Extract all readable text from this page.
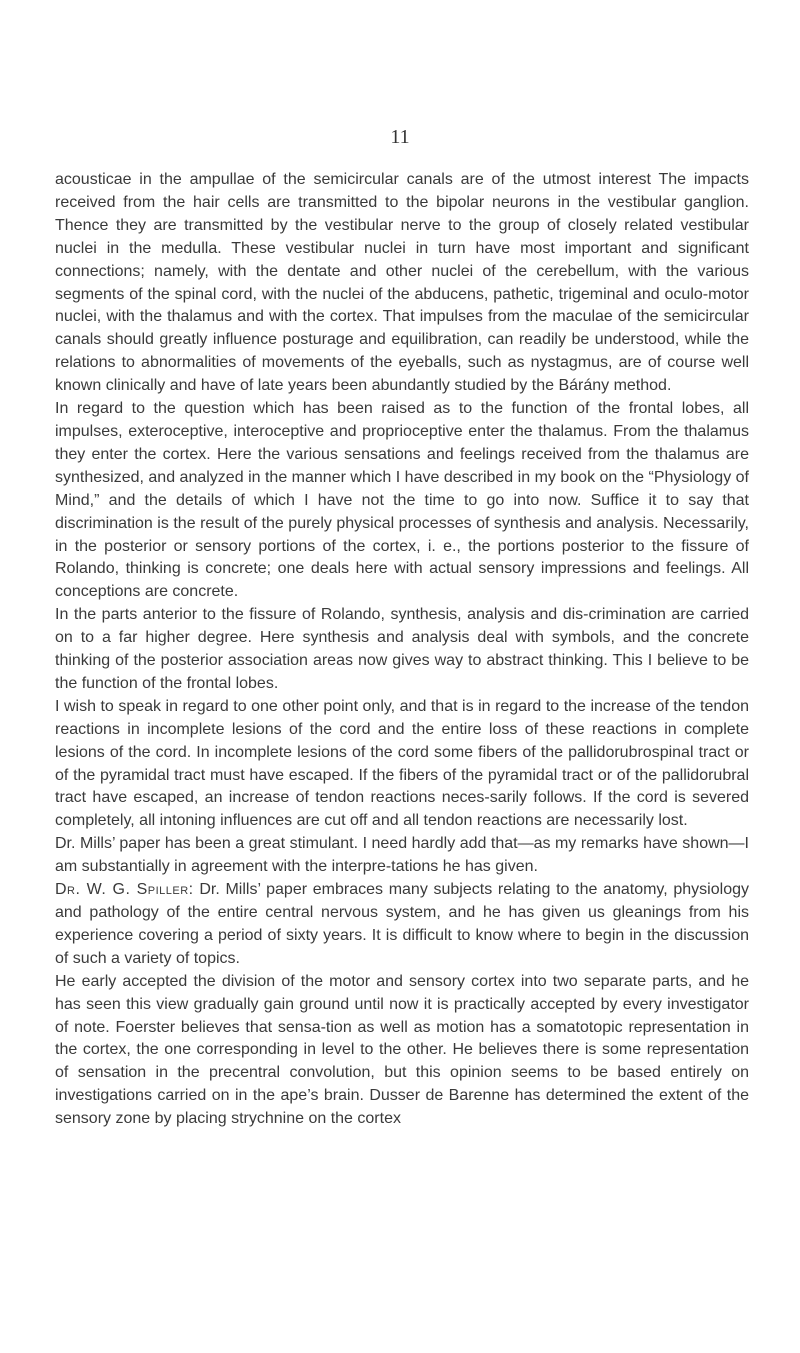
11

acousticae in the ampullae of the semicircular canals are of the utmost interest The impacts received from the hair cells are transmitted to the bipolar neurons in the vestibular ganglion. Thence they are transmitted by the vestibular nerve to the group of closely related vestibular nuclei in the medulla. These vestibular nuclei in turn have most important and significant connections; namely, with the dentate and other nuclei of the cerebellum, with the various segments of the spinal cord, with the nuclei of the abducens, pathetic, trigeminal and oculo-motor nuclei, with the thalamus and with the cortex. That impulses from the maculae of the semicircular canals should greatly influence posturage and equilibration, can readily be understood, while the relations to abnormalities of movements of the eyeballs, such as nystagmus, are of course well known clinically and have of late years been abundantly studied by the Bárány method.

In regard to the question which has been raised as to the function of the frontal lobes, all impulses, exteroceptive, interoceptive and proprioceptive enter the thalamus. From the thalamus they enter the cortex. Here the various sensations and feelings received from the thalamus are synthesized, and analyzed in the manner which I have described in my book on the “Physiology of Mind,” and the details of which I have not the time to go into now. Suffice it to say that discrimination is the result of the purely physical processes of synthesis and analysis. Necessarily, in the posterior or sensory portions of the cortex, i. e., the portions posterior to the fissure of Rolando, thinking is concrete; one deals here with actual sensory impressions and feelings. All conceptions are concrete.

In the parts anterior to the fissure of Rolando, synthesis, analysis and dis-crimination are carried on to a far higher degree. Here synthesis and analysis deal with symbols, and the concrete thinking of the posterior association areas now gives way to abstract thinking. This I believe to be the function of the frontal lobes.

I wish to speak in regard to one other point only, and that is in regard to the increase of the tendon reactions in incomplete lesions of the cord and the entire loss of these reactions in complete lesions of the cord. In incomplete lesions of the cord some fibers of the pallidorubrospinal tract or of the pyramidal tract must have escaped. If the fibers of the pyramidal tract or of the pallidorubral tract have escaped, an increase of tendon reactions neces-sarily follows. If the cord is severed completely, all intoning influences are cut off and all tendon reactions are necessarily lost.

Dr. Mills’ paper has been a great stimulant. I need hardly add that—as my remarks have shown—I am substantially in agreement with the interpre-tations he has given.

Dr. W. G. Spiller: Dr. Mills’ paper embraces many subjects relating to the anatomy, physiology and pathology of the entire central nervous system, and he has given us gleanings from his experience covering a period of sixty years. It is difficult to know where to begin in the discussion of such a variety of topics.

He early accepted the division of the motor and sensory cortex into two separate parts, and he has seen this view gradually gain ground until now it is practically accepted by every investigator of note. Foerster believes that sensa-tion as well as motion has a somatotopic representation in the cortex, the one corresponding in level to the other. He believes there is some representation of sensation in the precentral convolution, but this opinion seems to be based entirely on investigations carried on in the ape’s brain. Dusser de Barenne has determined the extent of the sensory zone by placing strychnine on the cortex
